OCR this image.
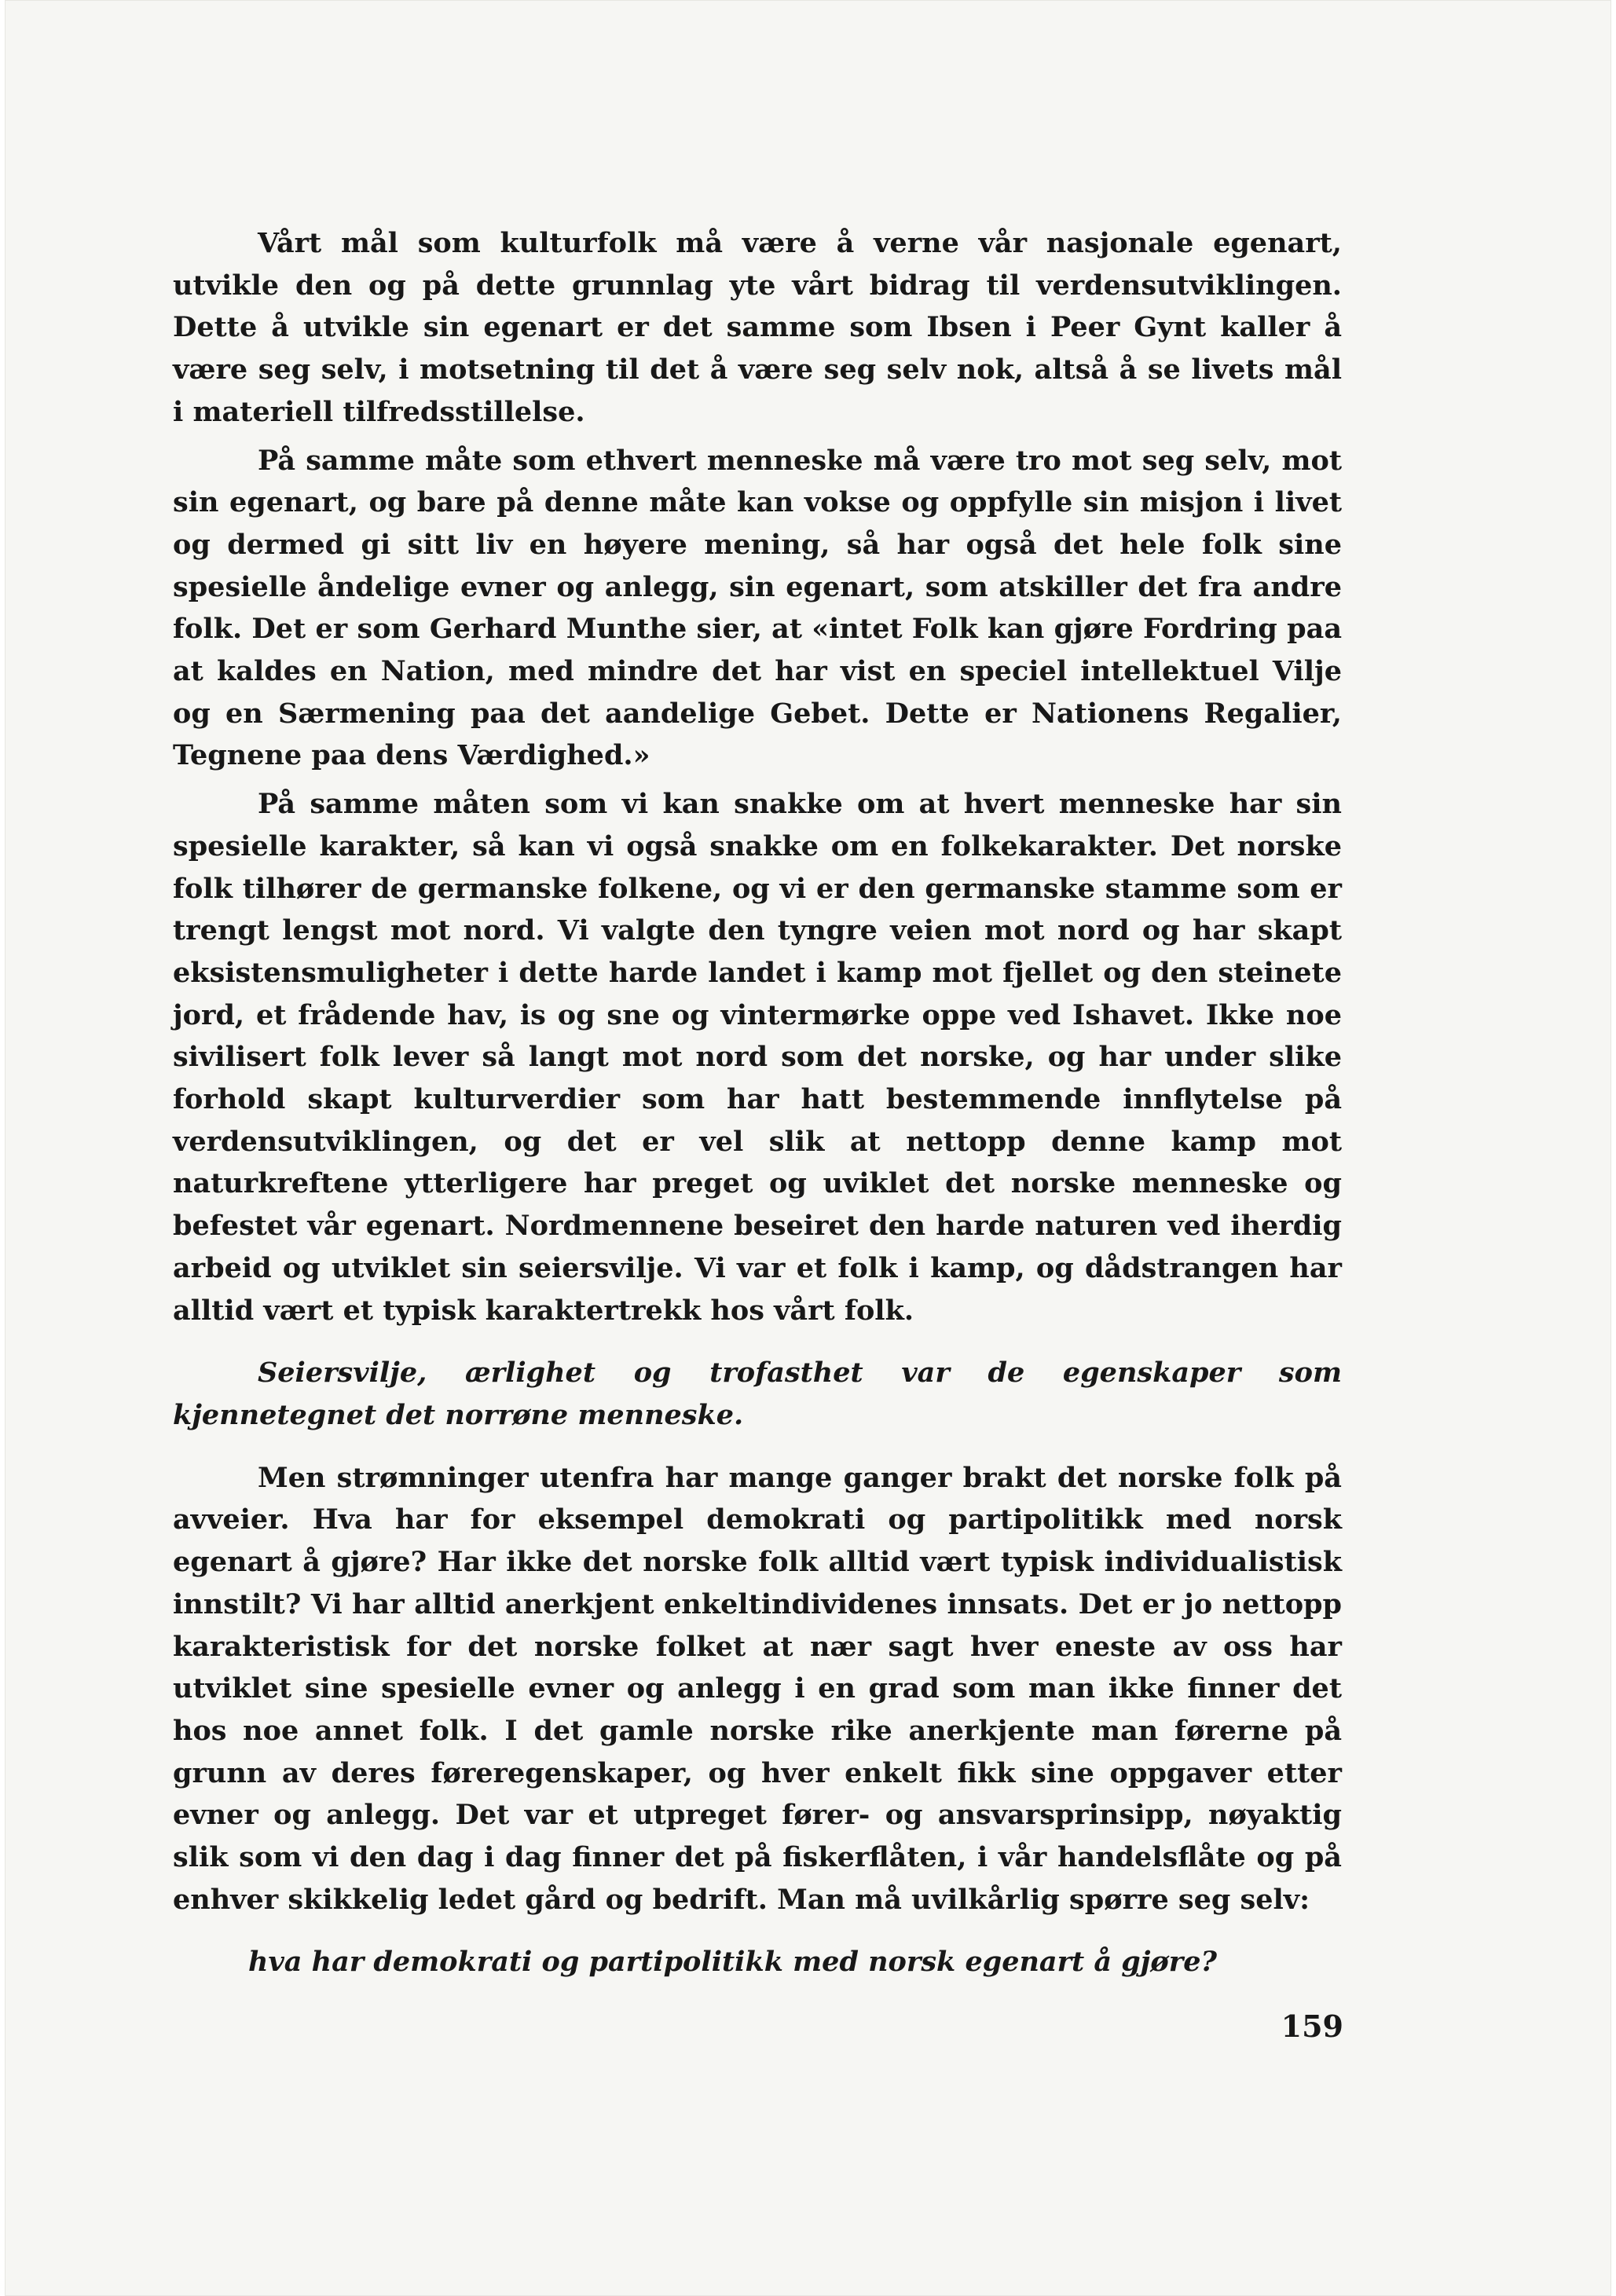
Vårt mål som kulturfolk må være å verne vår nasjonale egenart, utvikle den og på dette grunnlag yte vårt bidrag til verdensutviklingen. Dette å utvikle sin egenart er det samme som Ibsen i Peer Gynt kaller å være seg selv, i motsetning til det å være seg selv nok, altså å se livets mål i materiell tilfredsstillelse.

På samme måte som ethvert menneske må være tro mot seg selv, mot sin egenart, og bare på denne måte kan vokse og oppfylle sin misjon i livet og dermed gi sitt liv en høyere mening, så har også det hele folk sine spesielle åndelige evner og anlegg, sin egenart, som atskiller det fra andre folk. Det er som Gerhard Munthe sier, at «intet Folk kan gjøre Fordring paa at kaldes en Nation, med mindre det har vist en speciel intellektuel Vilje og en Særmening paa det aandelige Gebet. Dette er Nationens Regalier, Tegnene paa dens Værdighed.»

På samme måten som vi kan snakke om at hvert menneske har sin spesielle karakter, så kan vi også snakke om en folkekarakter. Det norske folk tilhører de germanske folkene, og vi er den germanske stamme som er trengt lengst mot nord. Vi valgte den tyngre veien mot nord og har skapt eksistensmuligheter i dette harde landet i kamp mot fjellet og den steinete jord, et frådende hav, is og sne og vintermørke oppe ved Ishavet. Ikke noe sivilisert folk lever så langt mot nord som det norske, og har under slike forhold skapt kulturverdier som har hatt bestemmende innflytelse på verdensutviklingen, og det er vel slik at nettopp denne kamp mot naturkreftene ytterligere har preget og uviklet det norske menneske og befestet vår egenart. Nordmennene beseiret den harde naturen ved iherdig arbeid og utviklet sin seiersvilje. Vi var et folk i kamp, og dådstrangen har alltid vært et typisk karaktertrekk hos vårt folk.

Seiersvilje, ærlighet og trofasthet var de egenskaper som kjennetegnet det norrøne menneske.

Men strømninger utenfra har mange ganger brakt det norske folk på avveier. Hva har for eksempel demokrati og partipolitikk med norsk egenart å gjøre? Har ikke det norske folk alltid vært typisk individualistisk innstilt? Vi har alltid anerkjent enkeltindividenes innsats. Det er jo nettopp karakteristisk for det norske folket at nær sagt hver eneste av oss har utviklet sine spesielle evner og anlegg i en grad som man ikke finner det hos noe annet folk. I det gamle norske rike anerkjente man førerne på grunn av deres føreregenskaper, og hver enkelt fikk sine oppgaver etter evner og anlegg. Det var et utpreget fører- og ansvarsprinsipp, nøyaktig slik som vi den dag i dag finner det på fiskerflåten, i vår handelsflåte og på enhver skikkelig ledet gård og bedrift. Man må uvilkårlig spørre seg selv:

hva har demokrati og partipolitikk med norsk egenart å gjøre?

159
